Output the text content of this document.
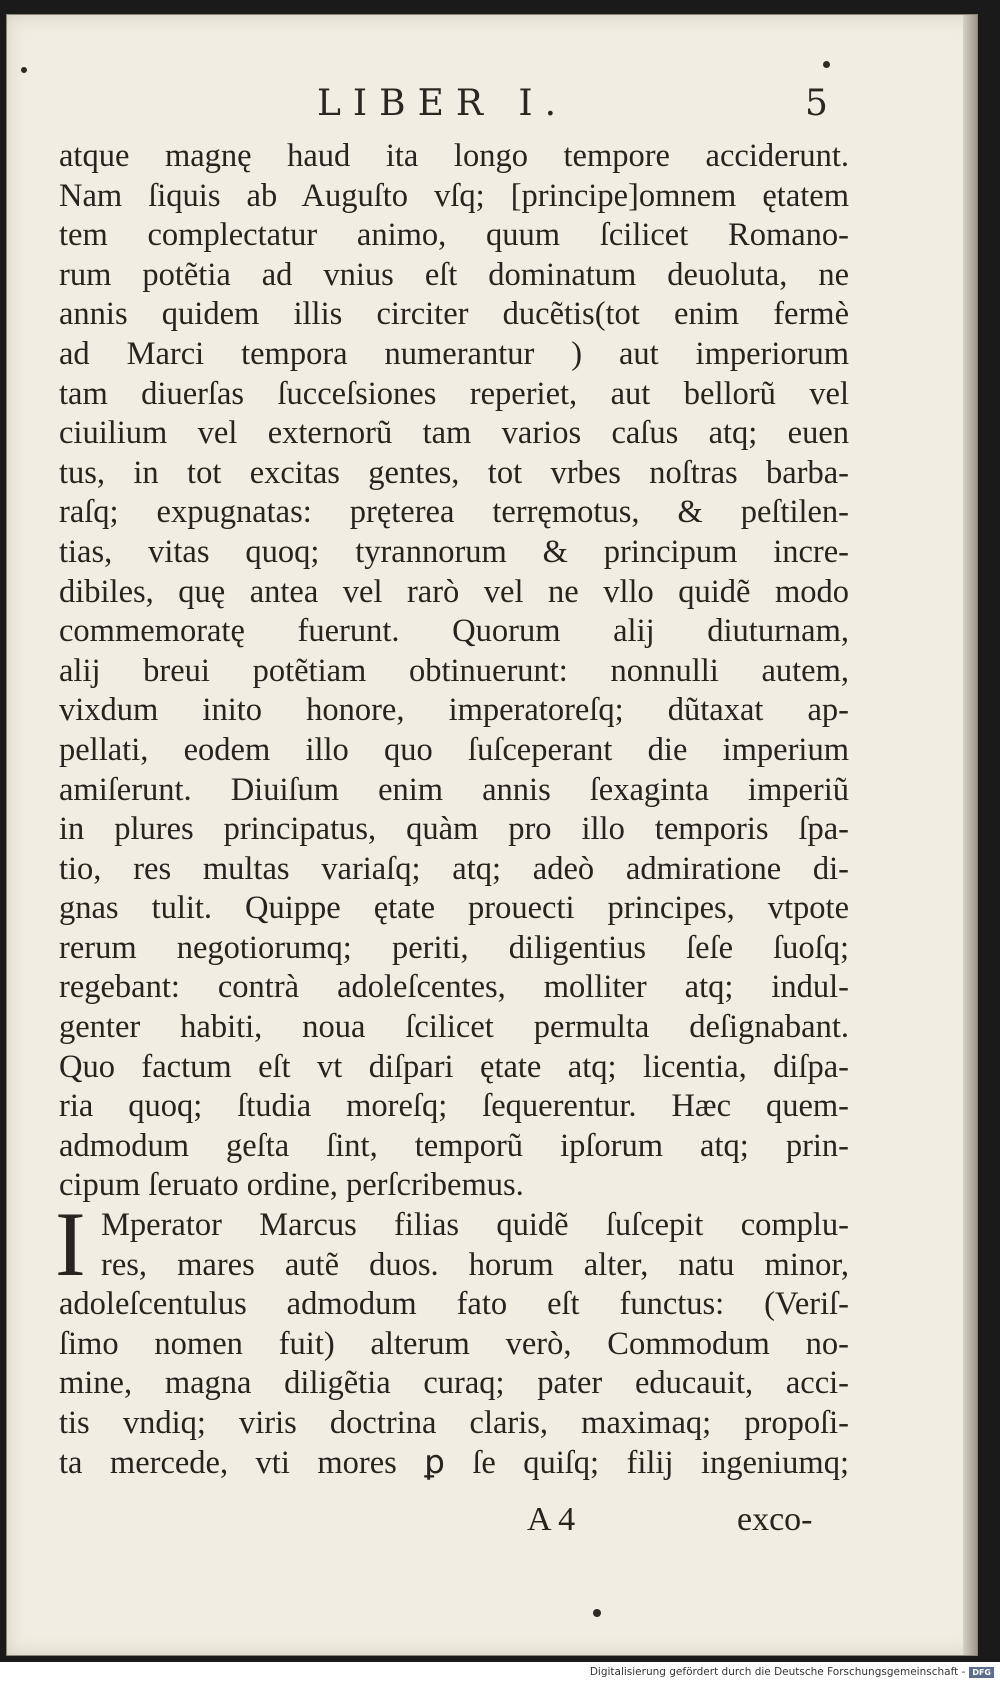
LIBER I.	5
atque magnę haud ita longo tempore acciderunt.
Nam ſiquis ab Auguſto vſq; [principe]omnem ętatem
tem complectatur animo, quum ſcilicet Romano-
rum potẽtia ad vnius eſt dominatum deuoluta, ne
annis quidem illis circiter ducẽtis(tot enim fermè
ad Marci tempora numerantur ) aut imperiorum
tam diuerſas ſucceſsiones reperiet, aut bellorũ vel
ciuilium vel externorũ tam varios caſus atq; euen
tus, in tot excitas gentes, tot vrbes noſtras barba-
raſq; expugnatas: pręterea terręmotus, & peſtilen-
tias, vitas quoq; tyrannorum & principum incre-
dibiles, quę antea vel rarò vel ne vllo quidẽ modo
commemoratę fuerunt. Quorum alij diuturnam,
alij breui potẽtiam obtinuerunt: nonnulli autem,
vixdum inito honore, imperatoreſq; dũtaxat ap-
pellati, eodem illo quo ſuſceperant die imperium
amiſerunt. Diuiſum enim annis ſexaginta imperiũ
in plures principatus, quàm pro illo temporis ſpa-
tio, res multas variaſq; atq; adeò admiratione di-
gnas tulit. Quippe ętate prouecti principes, vtpote
rerum negotiorumq; periti, diligentius ſeſe ſuoſq;
regebant: contrà adoleſcentes, molliter atq; indul-
genter habiti, noua ſcilicet permulta deſignabant.
Quo factum eſt vt diſpari ętate atq; licentia, diſpa-
ria quoq; ſtudia moreſq; ſequerentur. Hæc quem-
admodum geſta ſint, temporũ ipſorum atq; prin-
cipum ſeruato ordine, perſcribemus.
I Mperator Marcus filias quidẽ ſuſcepit complu-
res, mares autẽ duos. horum alter, natu minor,
adoleſcentulus admodum fato eſt functus: (Veriſ-
ſimo nomen fuit) alterum verò, Commodum no-
mine, magna diligẽtia curaq; pater educauit, acci-
tis vndiq; viris doctrina claris, maximaq; propoſi-
ta mercede, vti mores ꝑ ſe quiſq; filij ingeniumq;
A 4	exco-
Digitalisierung gefördert durch die Deutsche Forschungsgemeinschaft - DFG
